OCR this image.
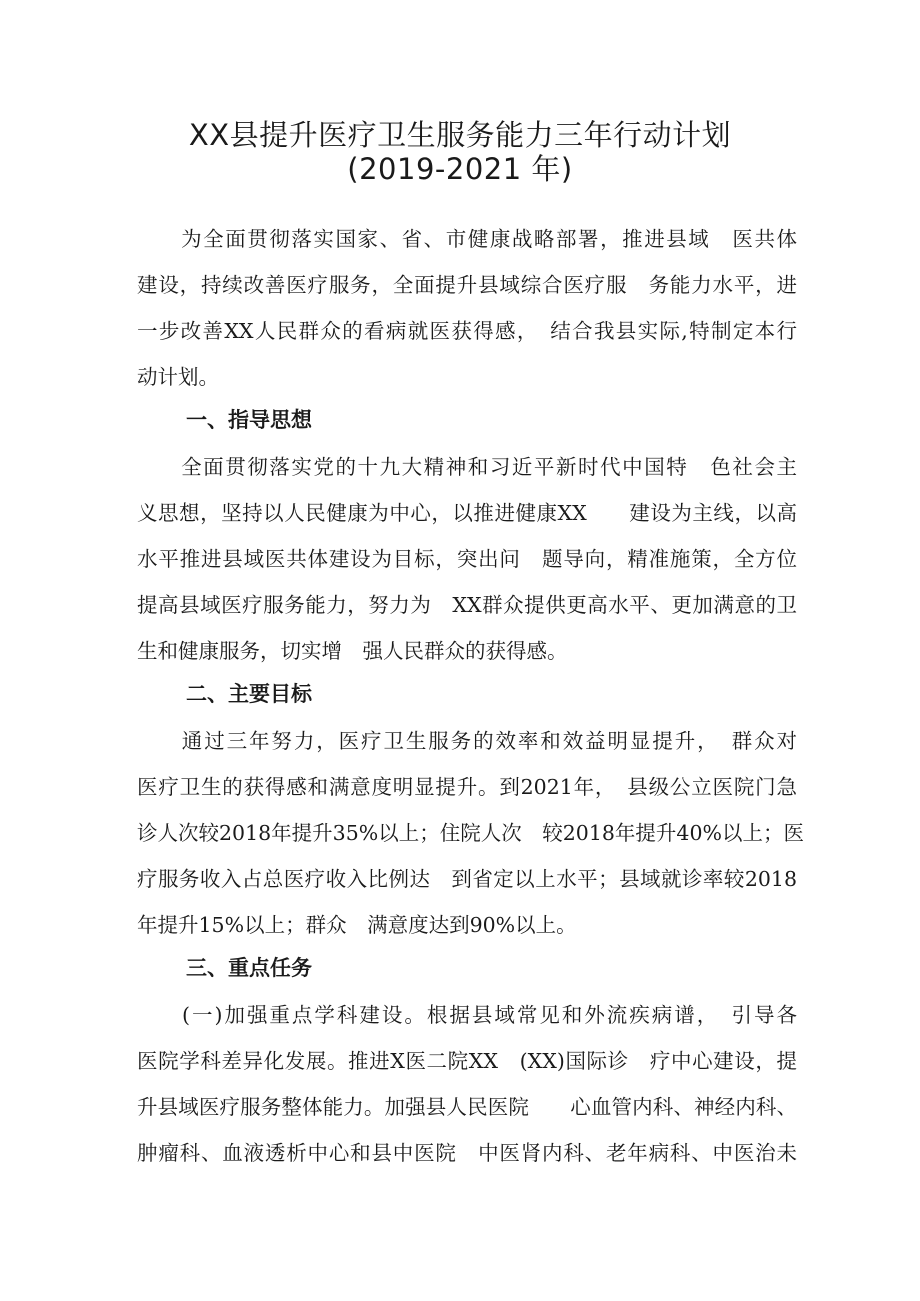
XX县提升医疗卫生服务能力三年行动计划
(2019-2021 年)
　　为全面贯彻落实国家、省、市健康战略部署，推进县域　医共体
建设，持续改善医疗服务，全面提升县域综合医疗服　务能力水平，进
一步改善XX人民群众的看病就医获得感，　结合我县实际,特制定本行
动计划。
一、指导思想
　　全面贯彻落实党的十九大精神和习近平新时代中国特　色社会主
义思想，坚持以人民健康为中心，以推进健康XX　　建设为主线，以高
水平推进县域医共体建设为目标，突出问　题导向，精准施策，全方位
提高县域医疗服务能力，努力为　XX群众提供更高水平、更加满意的卫
生和健康服务，切实增　强人民群众的获得感。
二、主要目标
　　通过三年努力，医疗卫生服务的效率和效益明显提升，　群众对
医疗卫生的获得感和满意度明显提升。到2021年，　县级公立医院门急
诊人次较2018年提升35%以上；住院人次　较2018年提升40%以上；医
疗服务收入占总医疗收入比例达　到省定以上水平；县域就诊率较2018
年提升15%以上；群众　满意度达到90%以上。
三、重点任务
　　(一)加强重点学科建设。根据县域常见和外流疾病谱，　引导各
医院学科差异化发展。推进X医二院XX　(XX)国际诊　疗中心建设，提
升县域医疗服务整体能力。加强县人民医院　　心血管内科、神经内科、
肿瘤科、血液透析中心和县中医院　中医肾内科、老年病科、中医治未
